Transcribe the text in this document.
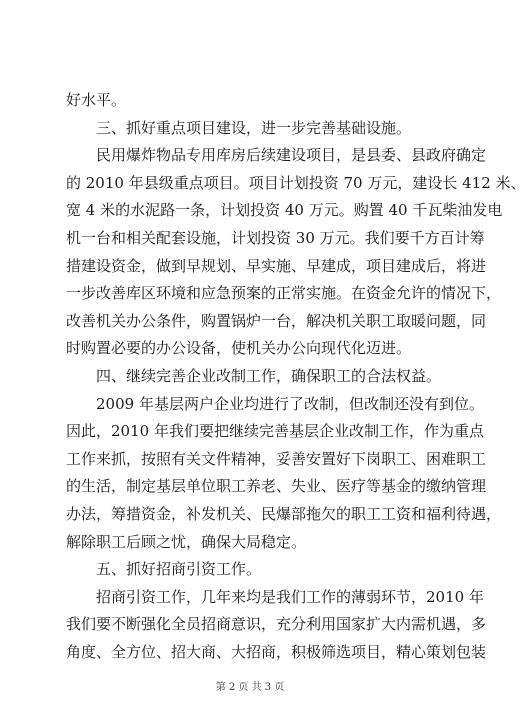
好水平。
　　三、抓好重点项目建设，进一步完善基础设施。
　　民用爆炸物品专用库房后续建设项目，是县委、县政府确定
的 2010 年县级重点项目。项目计划投资 70 万元，建设长 412 米、
宽 4 米的水泥路一条，计划投资 40 万元。购置 40 千瓦柴油发电
机一台和相关配套设施，计划投资 30 万元。我们要千方百计筹
措建设资金，做到早规划、早实施、早建成，项目建成后，将进
一步改善库区环境和应急预案的正常实施。在资金允许的情况下，
改善机关办公条件，购置锅炉一台，解决机关职工取暖问题，同
时购置必要的办公设备，使机关办公向现代化迈进。
　　四、继续完善企业改制工作，确保职工的合法权益。
　　2009 年基层两户企业均进行了改制，但改制还没有到位。
因此，2010 年我们要把继续完善基层企业改制工作，作为重点
工作来抓，按照有关文件精神，妥善安置好下岗职工、困难职工
的生活，制定基层单位职工养老、失业、医疗等基金的缴纳管理
办法，筹措资金，补发机关、民爆部拖欠的职工工资和福利待遇，
解除职工后顾之忧，确保大局稳定。
　　五、抓好招商引资工作。
　　招商引资工作，几年来均是我们工作的薄弱环节，2010 年
我们要不断强化全员招商意识，充分利用国家扩大内需机遇，多
角度、全方位、招大商、大招商，积极筛选项目，精心策划包装
第 2 页 共 3 页
